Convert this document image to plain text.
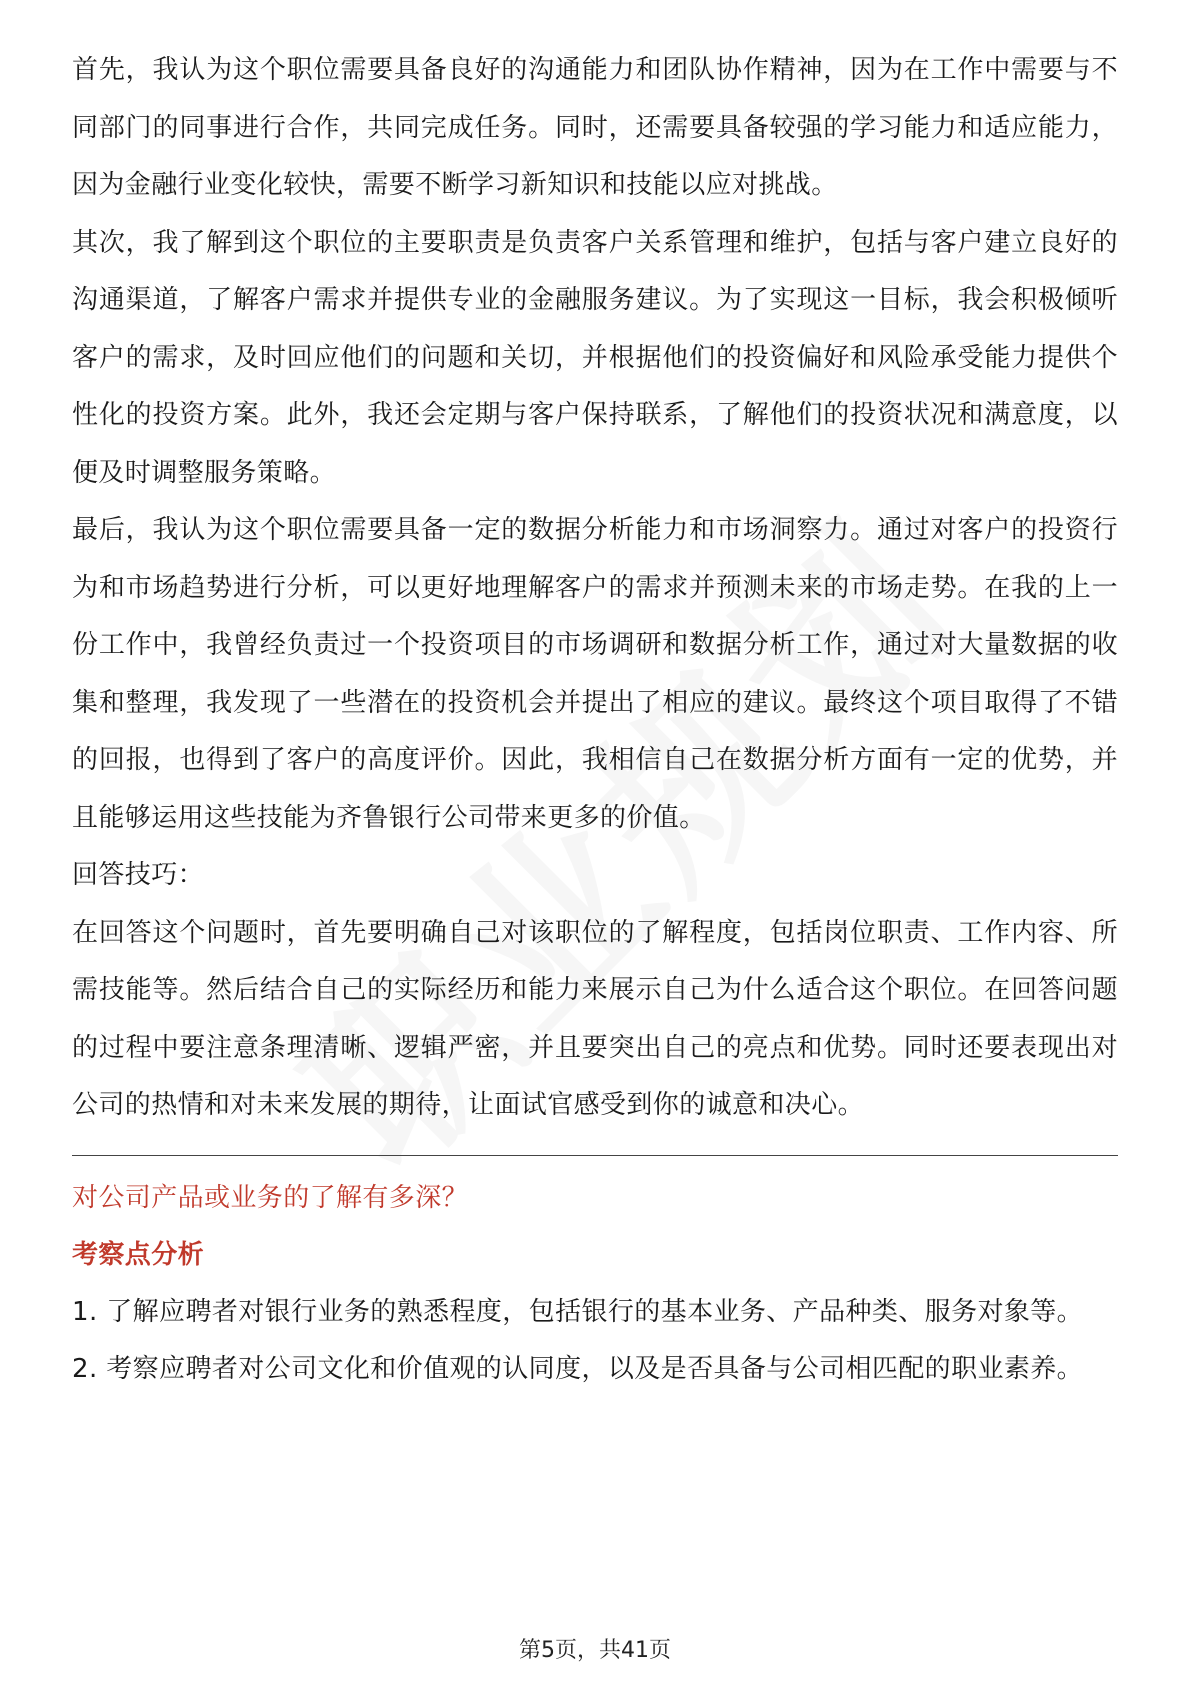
首先，我认为这个职位需要具备良好的沟通能力和团队协作精神，因为在工作中需要与不同部门的同事进行合作，共同完成任务。同时，还需要具备较强的学习能力和适应能力，因为金融行业变化较快，需要不断学习新知识和技能以应对挑战。

其次，我了解到这个职位的主要职责是负责客户关系管理和维护，包括与客户建立良好的沟通渠道，了解客户需求并提供专业的金融服务建议。为了实现这一目标，我会积极倾听客户的需求，及时回应他们的问题和关切，并根据他们的投资偏好和风险承受能力提供个性化的投资方案。此外，我还会定期与客户保持联系，了解他们的投资状况和满意度，以便及时调整服务策略。

最后，我认为这个职位需要具备一定的数据分析能力和市场洞察力。通过对客户的投资行为和市场趋势进行分析，可以更好地理解客户的需求并预测未来的市场走势。在我的上一份工作中，我曾经负责过一个投资项目的市场调研和数据分析工作，通过对大量数据的收集和整理，我发现了一些潜在的投资机会并提出了相应的建议。最终这个项目取得了不错的回报，也得到了客户的高度评价。因此，我相信自己在数据分析方面有一定的优势，并且能够运用这些技能为齐鲁银行公司带来更多的价值。

回答技巧：

在回答这个问题时，首先要明确自己对该职位的了解程度，包括岗位职责、工作内容、所需技能等。然后结合自己的实际经历和能力来展示自己为什么适合这个职位。在回答问题的过程中要注意条理清晰、逻辑严密，并且要突出自己的亮点和优势。同时还要表现出对公司的热情和对未来发展的期待，让面试官感受到你的诚意和决心。

对公司产品或业务的了解有多深？

考察点分析

1. 了解应聘者对银行业务的熟悉程度，包括银行的基本业务、产品种类、服务对象等。

2. 考察应聘者对公司文化和价值观的认同度，以及是否具备与公司相匹配的职业素养。

第5页，共41页
